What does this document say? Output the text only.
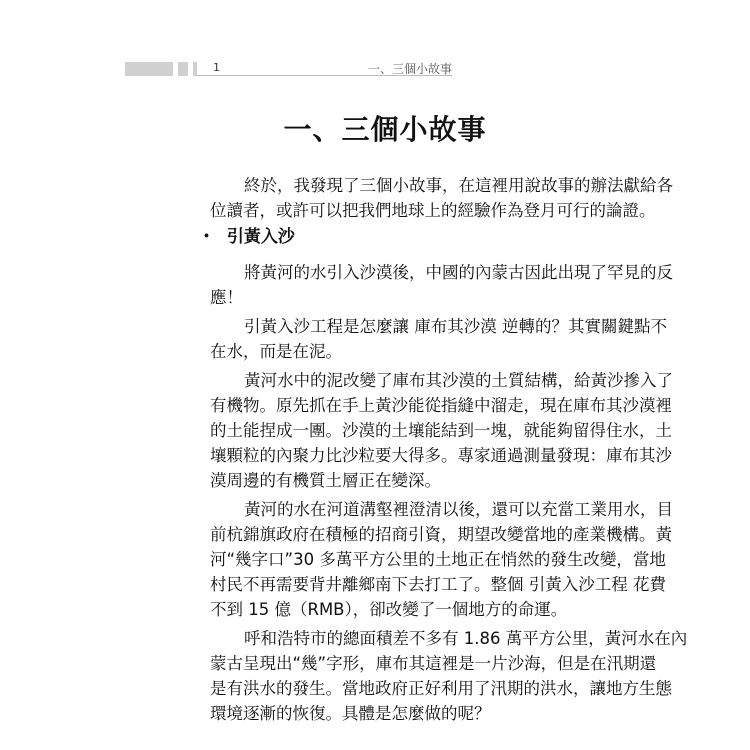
1	一、三個小故事
一、三個小故事
終於，我發現了三個小故事，在這裡用說故事的辦法獻給各
位讀者，或許可以把我們地球上的經驗作為登月可行的論證。
・ 引黃入沙
將黃河的水引入沙漠後，中國的內蒙古因此出現了罕見的反
應！
引黃入沙工程是怎麼讓 庫布其沙漠 逆轉的？其實關鍵點不
在水，而是在泥。
黃河水中的泥改變了庫布其沙漠的土質結構，給黃沙摻入了
有機物。原先抓在手上黃沙能從指縫中溜走，現在庫布其沙漠裡
的土能捏成一團。沙漠的土壤能結到一塊，就能夠留得住水，土
壤顆粒的內聚力比沙粒要大得多。專家通過測量發現：庫布其沙
漠周邊的有機質土層正在變深。
黃河的水在河道溝壑裡澄清以後，還可以充當工業用水，目
前杭錦旗政府在積極的招商引資，期望改變當地的產業機構。黃
河“幾字口”30 多萬平方公里的土地正在悄然的發生改變，當地
村民不再需要背井離鄉南下去打工了。整個 引黃入沙工程 花費
不到 15 億（RMB），卻改變了一個地方的命運。
呼和浩特市的總面積差不多有 1.86 萬平方公里，黃河水在內
蒙古呈現出“幾”字形，庫布其這裡是一片沙海，但是在汛期還
是有洪水的發生。當地政府正好利用了汛期的洪水，讓地方生態
環境逐漸的恢復。具體是怎麼做的呢？
